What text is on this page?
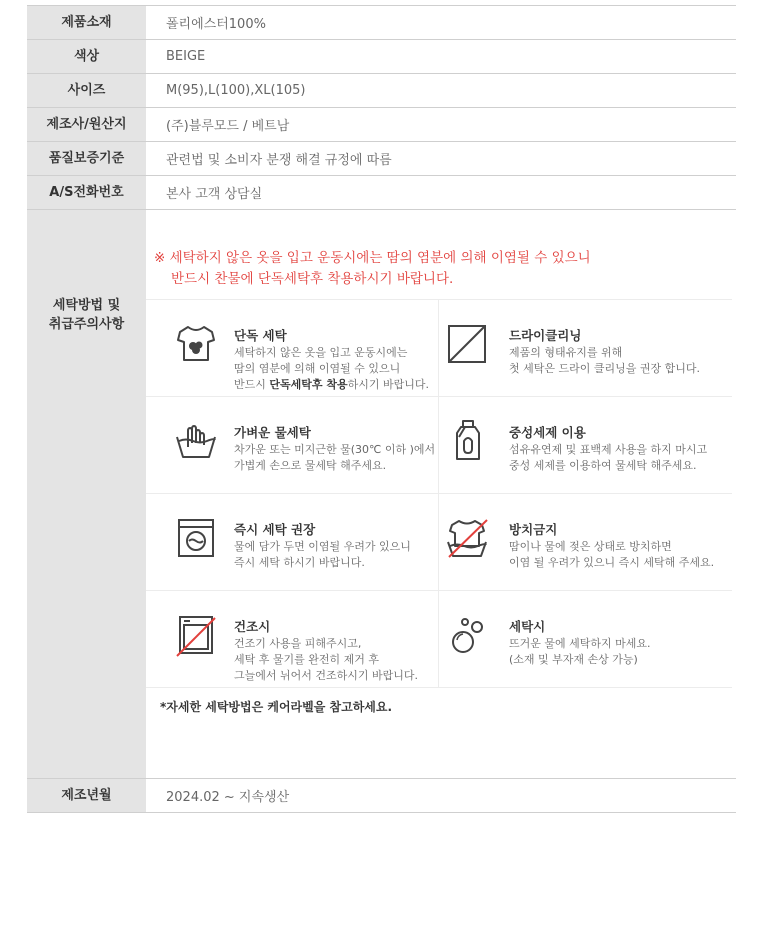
제품소재	폴리에스터100%
색상	BEIGE
사이즈	M(95),L(100),XL(105)
제조사/원산지	(주)블루모드 / 베트남
품질보증기준	관련법 및 소비자 분쟁 해결 규정에 따름
A/S전화번호	본사 고객 상담실
세탁방법 및
취급주의사항
※ 세탁하지 않은 옷을 입고 운동시에는 땀의 염분에 의해 이염될 수 있으니
반드시 찬물에 단독세탁후 착용하시기 바랍니다.
단독 세탁
세탁하지 않은 옷을 입고 운동시에는
땀의 염분에 의해 이염될 수 있으니
반드시 단독세탁후 착용하시기 바랍니다.
드라이클리닝
제품의 형태유지를 위해
첫 세탁은 드라이 클리닝을 권장 합니다.
가벼운 물세탁
차가운 또는 미지근한 물(30℃ 이하 )에서
가볍게 손으로 물세탁 해주세요.
중성세제 이용
섬유유연제 및 표백제 사용을 하지 마시고
중성 세제를 이용하여 물세탁 해주세요.
즉시 세탁 권장
물에 담가 두면 이염될 우려가 있으니
즉시 세탁 하시기 바랍니다.
방치금지
땀이나 물에 젖은 상태로 방치하면
이염 될 우려가 있으니 즉시 세탁해 주세요.
건조시
건조기 사용을 피해주시고,
세탁 후 물기를 완전히 제거 후
그늘에서 뉘어서 건조하시기 바랍니다.
세탁시
뜨거운 물에 세탁하지 마세요.
(소재 및 부자재 손상 가능)
*자세한 세탁방법은 케어라벨을 참고하세요.
제조년월	2024.02 ~ 지속생산
